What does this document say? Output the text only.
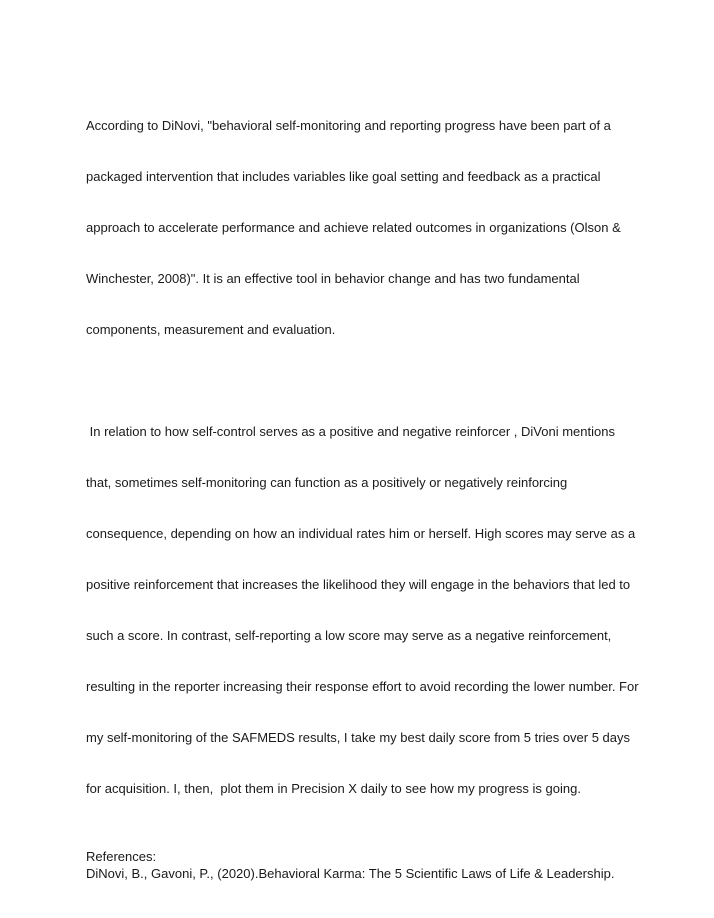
According to DiNovi, "behavioral self-monitoring and reporting progress have been part of a

packaged intervention that includes variables like goal setting and feedback as a practical

approach to accelerate performance and achieve related outcomes in organizations (Olson &

Winchester, 2008)". It is an effective tool in behavior change and has two fundamental

components, measurement and evaluation.

In relation to how self-control serves as a positive and negative reinforcer , DiVoni mentions

that, sometimes self-monitoring can function as a positively or negatively reinforcing

consequence, depending on how an individual rates him or herself. High scores may serve as a

positive reinforcement that increases the likelihood they will engage in the behaviors that led to

such a score. In contrast, self-reporting a low score may serve as a negative reinforcement,

resulting in the reporter increasing their response effort to avoid recording the lower number. For

my self-monitoring of the SAFMEDS results, I take my best daily score from 5 tries over 5 days

for acquisition. I, then,  plot them in Precision X daily to see how my progress is going.

References:
DiNovi, B., Gavoni, P., (2020).Behavioral Karma: The 5 Scientific Laws of Life & Leadership.
